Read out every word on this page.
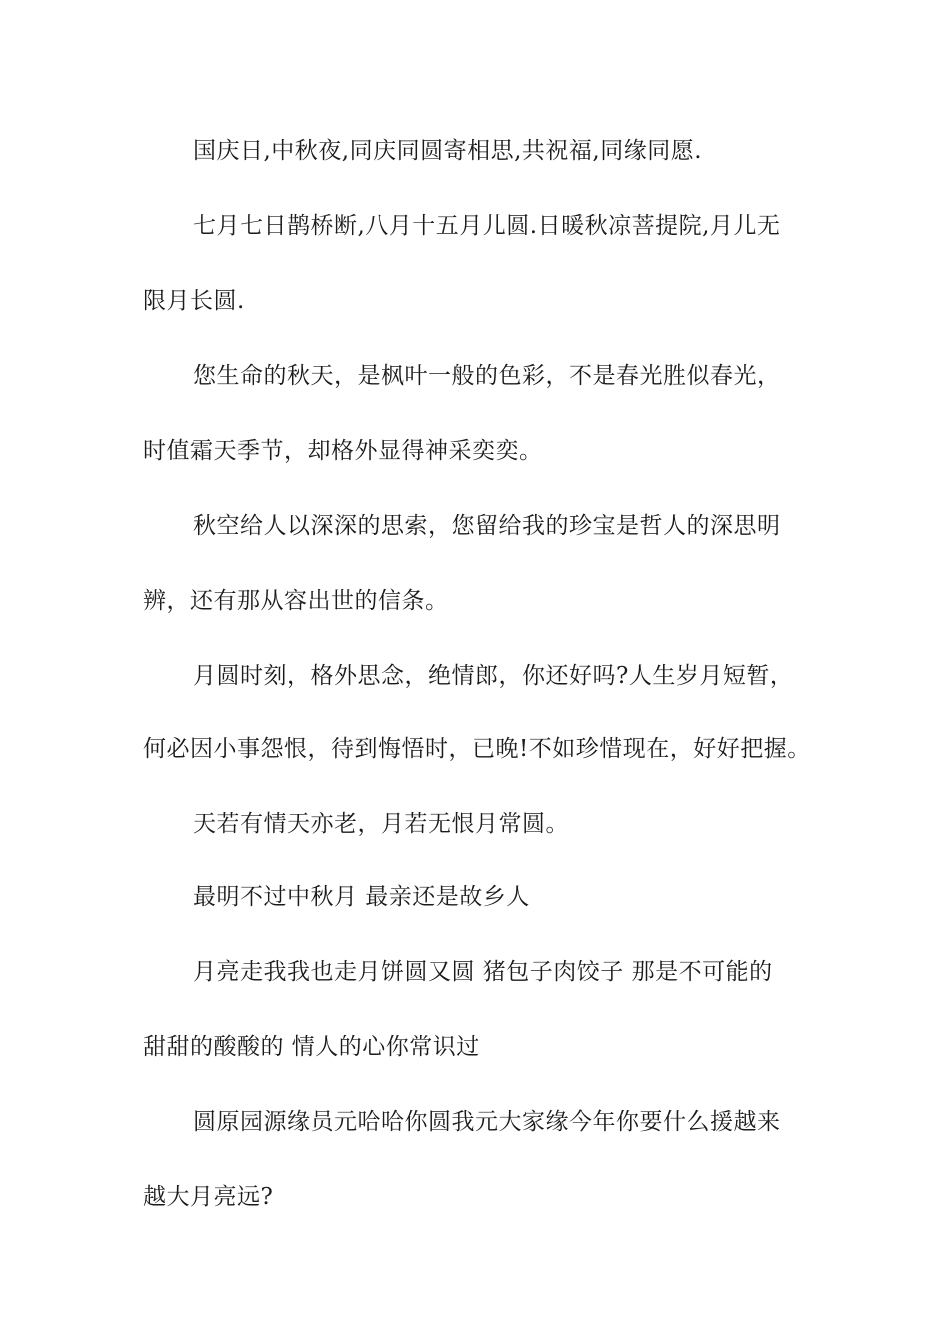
国庆日,中秋夜,同庆同圆寄相思,共祝福,同缘同愿.
七月七日鹊桥断,八月十五月儿圆.日暖秋凉菩提院,月儿无
限月长圆.
您生命的秋天，是枫叶一般的色彩，不是春光胜似春光，
时值霜天季节，却格外显得神采奕奕。
秋空给人以深深的思索，您留给我的珍宝是哲人的深思明
辨，还有那从容出世的信条。
月圆时刻，格外思念，绝情郎，你还好吗?人生岁月短暂，
何必因小事怨恨，待到悔悟时，已晚!不如珍惜现在，好好把握。
天若有情天亦老，月若无恨月常圆。
最明不过中秋月 最亲还是故乡人
月亮走我我也走月饼圆又圆 猪包子肉饺子 那是不可能的
甜甜的酸酸的 情人的心你常识过
圆原园源缘员元哈哈你圆我元大家缘今年你要什么援越来
越大月亮远?
